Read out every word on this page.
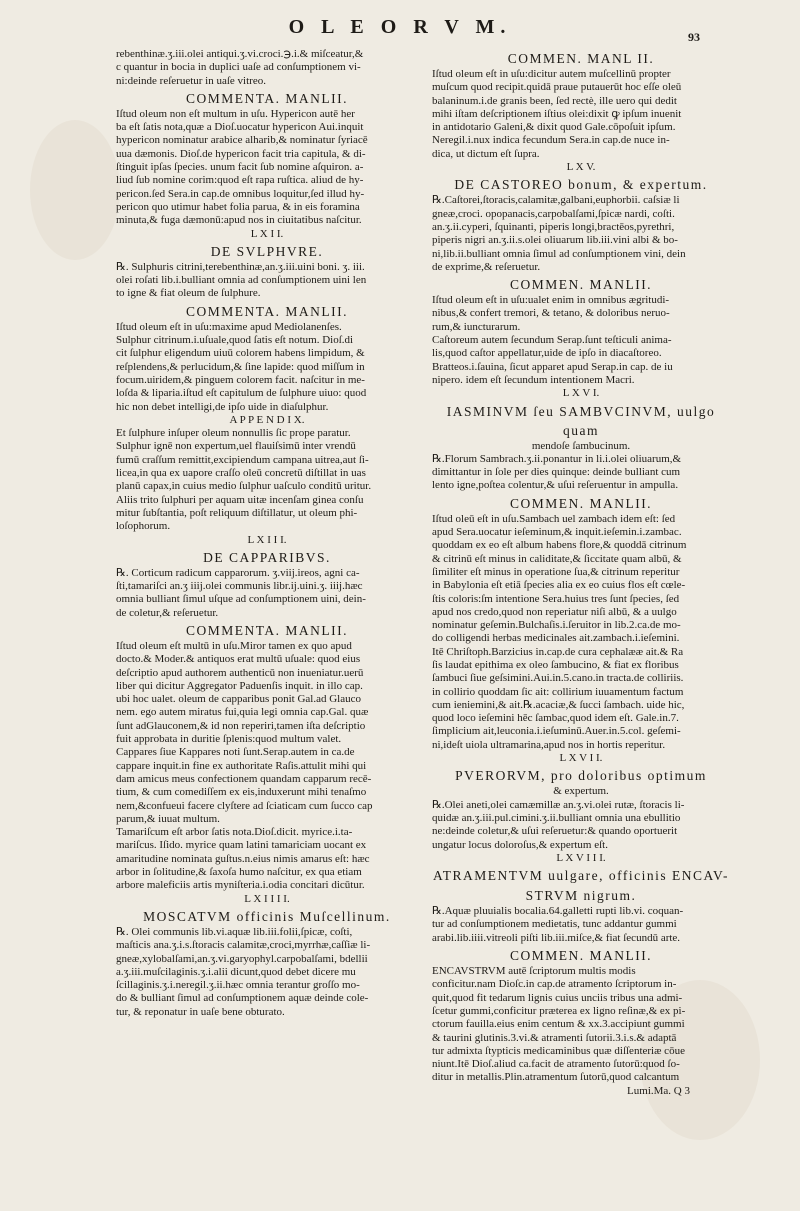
O L E O R V M.	93
rebenthinæ.ʒ.iii.olei antiqui.ʒ.vi.croci.℈.i.& miſceatur,&
c quantur in bocia in duplici uaſe ad conſumptionem vi-
ni:deinde reſeruetur in uaſe vitreo.
COMMENTA. MANLII.
Iſtud oleum non eſt multum in uſu. Hypericon autē her
ba eſt ſatis nota,quæ a Dioſ.uocatur hypericon Aui.inquit
hypericon nominatur arabice alharib,& nominatur ſyriacē
uua dæmonis. Dioſ.de hypericon facit tria capitula, & di-
ſtinguit ipſas ſpecies. unum facit ſub nomine aſquiron. a-
liud ſub nomine corim:quod eſt rapa ruſtica. aliud de hy-
pericon.ſed Sera.in cap.de omnibus loquitur,ſed illud hy-
pericon quo utimur habet folia parua, & in eis foramina
minuta,& fuga dæmonū:apud nos in ciuitatibus naſcitur.
L X I I.
DE SVLPHVRE.
℞. Sulphuris citrini,terebenthinæ,an.ʒ.iii.uini boni. ʒ. iii.
olei roſati lib.i.bulliant omnia ad conſumptionem uini len
to igne & fiat oleum de ſulphure.
COMMENTA. MANLII.
Iſtud oleum eſt in uſu:maxime apud Mediolanenſes.
Sulphur citrinum.i.uſuale,quod ſatis eſt notum. Dioſ.di
cit ſulphur eligendum uiuū colorem habens limpidum, &
reſplendens,& perlucidum,& ſine lapide: quod miſſum in
focum.uiridem,& pinguem colorem facit. naſcitur in me-
loſda & lipariа.iſtud eſt capitulum de ſulphure uiuo: quod
hic non debet intelligi,de ipſo uide in diaſulphur.
A P P E N D I X.
Et ſulphure inſuper oleum nonnullis ſic prope paratur.
Sulphur ignē non expertum,uel flauiſsimū inter vrendū
fumū craſſum remittit,excipiendum campana uitrea,aut ſi-
licea,in qua ex uapore craſſo oleū concretū diſtillat in uas
planū capax,in cuius medio ſulphur uaſculo conditū uritur.
Aliis trito ſulphuri per aquam uitæ incenſam ginea conſu
mitur ſubſtantia, poſt reliquum diſtillatur, ut oleum phi-
loſophorum.
L X I I I.
DE CAPPARIBVS.
℞. Corticum radicum capparorum. ʒ.viij.ireos, agni ca-
ſti,tamariſci an.ʒ iiij.olei communis libr.ij.uini.ʒ. iiij.hæc
omnia bulliant ſimul uſque ad conſumptionem uini, dein-
de coletur,& reſeruetur.
COMMENTA. MANLII.
Iſtud oleum eſt multū in uſu.Miror tamen ex quo apud
docto.& Moder.& antiquos erat multū uſuale: quod eius
deſcriptio apud authorem authenticū non inueniatur.uerū
liber qui dicitur Aggregator Paduenſis inquit. in illo cap.
ubi hoc ualet. oleum de capparibus ponit Gal.ad Glauco
nem. ego autem miratus fui,quia legi omnia cap.Gal. quæ
ſunt adGlauconem,& id non reperiri,tamen iſta deſcriptio
fuit approbata in duritie ſplenis:quod multum valet.
Cappares ſiue Kappares noti ſunt.Serap.autem in ca.de
cappare inquit.in fine ex authoritate Raſis.attulit mihi qui
dam amicus meus confectionem quandam capparum recē-
tium, & cum comediſſem ex eis,induxerunt mihi tenaſmo
nem,&confueui facere clyſtere ad ſciaticam cum ſucco cap
parum,& iuuat multum.
Tamariſcum eſt arbor ſatis nota.Dioſ.dicit. myrice.i.ta-
mariſcus. Iſido. myrice quam latini tamariciam uocant ex
amaritudine nominata guſtus.n.eius nimis amarus eſt: hæc
arbor in ſolitudine,& ſaxoſa humo naſcitur, ex qua etiam
arbore maleficiis artis myniſteria.i.odia concitari dicūtur.
L X I I I I.
MOSCATVM officinis Muſcellinum.
℞. Olei communis lib.vi.aquæ lib.iii.folii,ſpicæ, coſti,
maſticis ana.ʒ.i.s.ſtoracis calamitæ,croci,myrrhæ,caſſiæ li-
gneæ,xylobalſami,an.ʒ.vi.garyophyl.carpobalſami, bdellii
a.ʒ.iii.muſcilaginis.ʒ.i.alii dicunt,quod debet dicere mu
ſcillaginis.ʒ.i.neregil.ʒ.ii.hæc omnia terantur groſſo mo-
do & bulliant ſimul ad conſumptionem aquæ deinde cole-
tur, & reponatur in uaſe bene obturato.
COMMEN. MANL II.
Iſtud oleum eſt in uſu:dicitur autem muſcellinū propter
muſcum quod recipit.quidā praue putauerūt hoc eſſe oleū
balaninum.i.de granis been, ſed rectè, ille uero qui dedit
mihi iſtam deſcriptionem iſtius olei:dixit ꝙ ipſum inuenit
in antidotario Galeni,& dixit quod Gale.cōpoſuit ipſum.
Neregil.i.nux indica fecundum Sera.in cap.de nuce in-
dica, ut dictum eſt ſupra.
L X V.
DE CASTOREO bonum, & expertum.
℞.Caſtorei,ſtoracis,calamitæ,galbani,euphorbii. caſsiæ li
gneæ,croci. opopanacis,carpobalſami,ſpicæ nardi, coſti.
an.ʒ.ii.cyperi, ſquinanti, piperis longi,bractēos,pyrethri,
piperis nigri an.ʒ.ii.s.olei oliuarum lib.iii.vini albi & bo-
ni,lib.ii.bulliant omnia ſimul ad conſumptionem vini, dein
de exprime,& reſeruetur.
COMMEN. MANLII.
Iſtud oleum eſt in uſu:ualet enim in omnibus ægritudi-
nibus,& confert tremori, & tetano, & doloribus neruo-
rum,& iuncturarum.
Caſtoreum autem ſecundum Serap.ſunt teſticuli anima-
lis,quod caſtor appellatur,uide de ipſo in diacaſtoreo.
Bratteos.i.ſauina, ſicut apparet apud Serap.in cap. de iu
nipero. idem eſt ſecundum intentionem Macri.
L X V I.
IASMINVM ſeu SAMBVCINVM, uulgo quam
mendoſe ſambucinum.
℞.Florum Sambrach.ʒ.ii.ponantur in li.i.olei oliuarum,&
dimittantur in ſole per dies quinque: deinde bulliant cum
lento igne,poſtea colentur,& uſui reſeruentur in ampulla.
COMMEN. MANLII.
Iſtud oleū eſt in uſu.Sambach uel zambach idem eſt: ſed
apud Sera.uocatur ieſeminum,& inquit.ieſemin.i.zambac.
quoddam ex eo eſt album habens flore,& quoddā citrinum
& citrinū eſt minus in caliditate,& ſiccitate quam albū, &
ſimiliter eſt minus in operatione ſua,& citrinum reperitur
in Babylonia eſt etiā ſpecies alia ex eo cuius flos eſt cœle-
ſtis coloris:ſm intentione Sera.huius tres ſunt ſpecies, ſed
apud nos credo,quod non reperiatur niſi albū, & a uulgo
nominatur geſemin.Bulchaſis.i.ſeruitor in lib.2.ca.de mo-
do colligendi herbas medicinales ait.zambach.i.ieſemini.
Itē Chriſtoph.Barzicius in.cap.de cura cephalææ ait.& Ra
ſis laudat epithima ex oleo ſambucino, & fiat ex floribus
ſambuci ſiue geſsimini.Aui.in.5.cano.in tracta.de colliriis.
in collirio quoddam ſic ait: collirium iuuamentum factum
cum ieniemini,& ait.℞.acaciæ,& ſucci ſambach. uide hic,
quod loco ieſemini hēc ſambac,quod idem eſt. Gale.in.7.
ſimplicium ait,leuconia.i.ieſuminū.Auer.in.5.col. geſemi-
ni,ideſt uiola ultramarina,apud nos in hortis reperitur.
L X V I I.
PVERORVM, pro doloribus optimum
& expertum.
℞.Olei aneti,olei camæmillæ an.ʒ.vi.olei rutæ, ſtoracis li-
quidæ an.ʒ.iii.pul.cimini.ʒ.ii.bulliant omnia una ebullitio
ne:deinde coletur,& uſui reſeruetur:& quando oportuerit
ungatur locus doloroſus,& expertum eſt.
L X V I I I.
ATRAMENTVM uulgare, officinis ENCAV-
STRVM nigrum.
℞.Aquæ pluuialis bocalia.64.galletti rupti lib.vi. coquan-
tur ad conſumptionem medietatis, tunc addantur gummi
arabi.lib.iiii.vitreoli piſti lib.iii.miſce,& fiat ſecundū arte.
COMMEN. MANLII.
ENCAVSTRVM autē ſcriptorum multis modis
conficitur.nam Dioſc.in cap.de atramento ſcriptorum in-
quit,quod fit tedarum lignis cuius unciis tribus una admi-
ſcetur gummi,conficitur præterea ex ligno reſinæ,& ex pi-
ctorum fauilla.eius enim centum & xx.3.accipiunt gummi
& taurini glutinis.3.vi.& atramenti ſutorii.3.i.s.& adaptā
tur admixta ſtypticis medicaminibus quæ diſſenteriæ cōue
niunt.Itē Dioſ.aliud ca.facit de atramento ſutorū:quod ſo-
ditur in metallis.Plin.atramentum ſutorū,quod calcantum
Lumi.Ma. Q 3
